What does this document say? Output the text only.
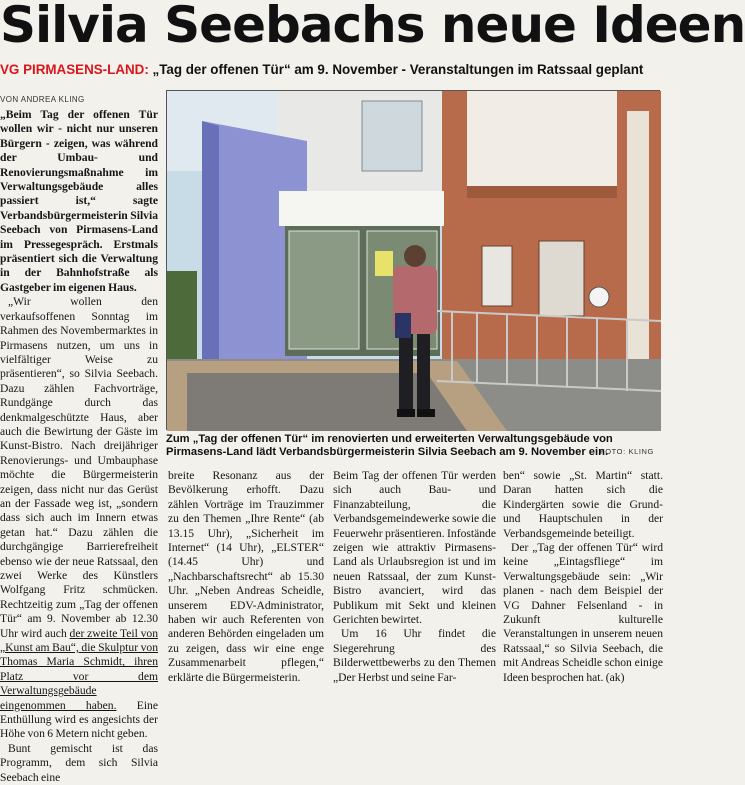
Silvia Seebachs neue Ideen
VG PIRMASENS-LAND: „Tag der offenen Tür“ am 9. November - Veranstaltungen im Ratssaal geplant
VON ANDREA KLING

„Beim Tag der offenen Tür wollen wir - nicht nur unseren Bürgern - zeigen, was während der Umbau- und Renovierungsmaßnahme im Verwaltungsgebäude alles passiert ist,“ sagte Verbandsbürgermeisterin Silvia Seebach von Pirmasens-Land im Pressegespräch. Erstmals präsentiert sich die Verwaltung in der Bahnhofstraße als Gastgeber im eigenen Haus.

„Wir wollen den verkaufsoffenen Sonntag im Rahmen des Novembermarktes in Pirmasens nutzen, um uns in vielfältiger Weise zu präsentieren“, so Silvia Seebach. Dazu zählen Fachvorträge, Rundgänge durch das denkmalgeschützte Haus, aber auch die Bewirtung der Gäste im Kunst-Bistro. Nach dreijähriger Renovierungs- und Umbauphase möchte die Bürgermeisterin zeigen, dass nicht nur das Gerüst an der Fassade weg ist, „sondern dass sich auch im Innern etwas getan hat.“ Dazu zählen die durchgängige Barrierefreiheit ebenso wie der neue Ratssaal, den zwei Werke des Künstlers Wolfgang Fritz schmücken. Rechtzeitig zum „Tag der offenen Tür“ am 9. November ab 12.30 Uhr wird auch der zweite Teil von „Kunst am Bau“, die Skulptur von Thomas Maria Schmidt, ihren Platz vor dem Verwaltungsgebäude eingenommen haben. Eine Enthüllung wird es angesichts der Höhe von 6 Metern nicht geben.

Bunt gemischt ist das Programm, dem sich Silvia Seebach eine

Zum „Tag der offenen Tür“ im renovierten und erweiterten Verwaltungsgebäude von Pirmasens-Land lädt Verbandsbürgermeisterin Silvia Seebach am 9. November ein.
FOTO: KLING

breite Resonanz aus der Bevölkerung erhofft. Dazu zählen Vorträge im Trauzimmer zu den Themen „Ihre Rente“ (ab 13.15 Uhr), „Sicherheit im Internet“ (14 Uhr), „ELSTER“ (14.45 Uhr) und „Nachbarschaftsrecht“ ab 15.30 Uhr. „Neben Andreas Scheidle, unserem EDV-Administrator, haben wir auch Referenten von anderen Behörden eingeladen um zu zeigen, dass wir eine enge Zusammenarbeit pflegen,“ erklärte die Bürgermeisterin.

Beim Tag der offenen Tür werden sich auch Bau- und Finanzabteilung, die Verbandsgemeindewerke sowie die Feuerwehr präsentieren. Infostände zeigen wie attraktiv Pirmasens-Land als Urlaubsregion ist und im neuen Ratssaal, der zum Kunst-Bistro avanciert, wird das Publikum mit Sekt und kleinen Gerichten bewirtet.

Um 16 Uhr findet die Siegerehrung des Bilderwettbewerbs zu den Themen „Der Herbst und seine Far-

ben“ sowie „St. Martin“ statt. Daran hatten sich die Kindergärten sowie die Grund- und Hauptschulen in der Verbandsgemeinde beteiligt.

Der „Tag der offenen Tür“ wird keine „Eintagsfliege“ im Verwaltungsgebäude sein: „Wir planen - nach dem Beispiel der VG Dahner Felsenland - in Zukunft kulturelle Veranstaltungen in unserem neuen Ratssaal,“ so Silvia Seebach, die mit Andreas Scheidle schon einige Ideen besprochen hat. (ak)
